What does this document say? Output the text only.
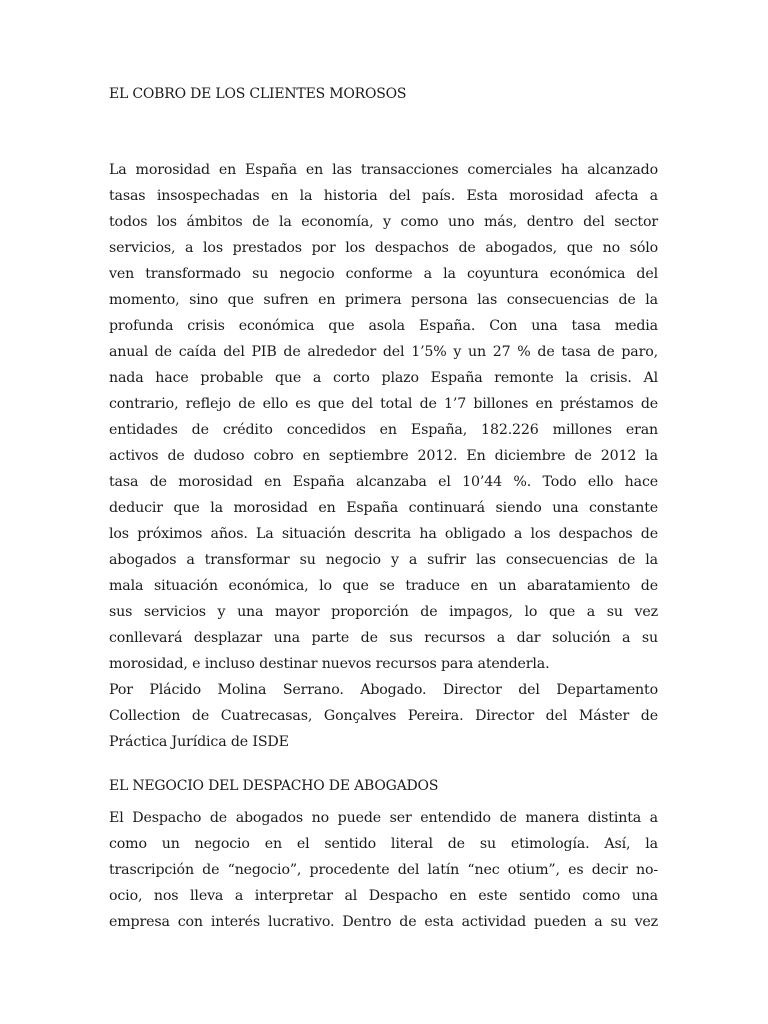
EL COBRO DE LOS CLIENTES MOROSOS
La morosidad en España en las transacciones comerciales ha alcanzado
tasas insospechadas en la historia del país. Esta morosidad afecta a
todos los ámbitos de la economía, y como uno más, dentro del sector
servicios, a los prestados por los despachos de abogados, que no sólo
ven transformado su negocio conforme a la coyuntura económica del
momento, sino que sufren en primera persona las consecuencias de la
profunda crisis económica que asola España. Con una tasa media
anual de caída del PIB de alrededor del 1’5% y un 27 % de tasa de paro,
nada hace probable que a corto plazo España remonte la crisis. Al
contrario, reflejo de ello es que del total de 1’7 billones en préstamos de
entidades de crédito concedidos en España, 182.226 millones eran
activos de dudoso cobro en septiembre 2012. En diciembre de 2012 la
tasa de morosidad en España alcanzaba el 10’44 %. Todo ello hace
deducir que la morosidad en España continuará siendo una constante
los próximos años. La situación descrita ha obligado a los despachos de
abogados a transformar su negocio y a sufrir las consecuencias de la
mala situación económica, lo que se traduce en un abaratamiento de
sus servicios y una mayor proporción de impagos, lo que a su vez
conllevará desplazar una parte de sus recursos a dar solución a su
morosidad, e incluso destinar nuevos recursos para atenderla.
Por Plácido Molina Serrano. Abogado. Director del Departamento
Collection de Cuatrecasas, Gonçalves Pereira. Director del Máster de
Práctica Jurídica de ISDE
EL NEGOCIO DEL DESPACHO DE ABOGADOS
El Despacho de abogados no puede ser entendido de manera distinta a
como un negocio en el sentido literal de su etimología. Así, la
trascripción de “negocio”, procedente del latín “nec otium”, es decir no-
ocio, nos lleva a interpretar al Despacho en este sentido como una
empresa con interés lucrativo. Dentro de esta actividad pueden a su vez
